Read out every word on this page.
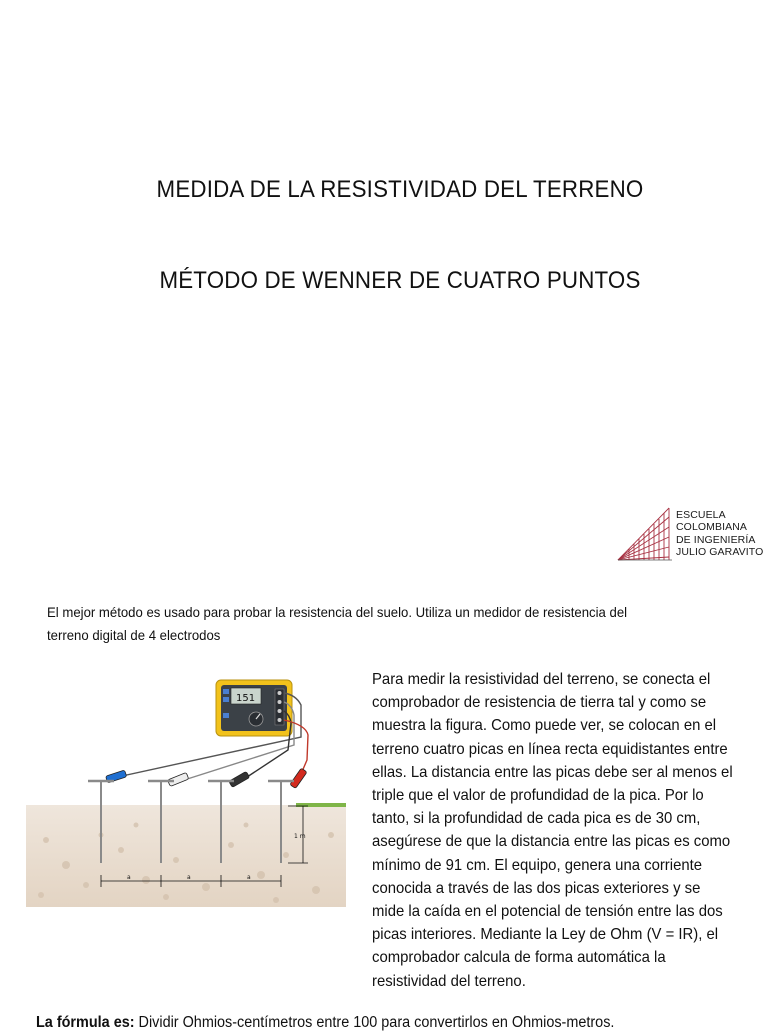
MEDIDA DE LA RESISTIVIDAD DEL TERRENO
MÉTODO DE WENNER DE CUATRO PUNTOS
ESCUELA
COLOMBIANA
DE INGENIERÍA
JULIO GARAVITO
El mejor método es usado para probar la resistencia del suelo. Utiliza un medidor de resistencia del terreno digital de 4 electrodos
151
1 m
a	a	a
Para medir la resistividad del terreno, se conecta el comprobador de resistencia de tierra tal y como se muestra la figura. Como puede ver, se colocan en el terreno cuatro picas en línea recta equidistantes entre ellas. La distancia entre las picas debe ser al menos el triple que el valor de profundidad de la pica. Por lo tanto, si la profundidad de cada pica es de 30 cm, asegúrese de que la distancia entre las picas es como mínimo de 91 cm. El equipo, genera una corriente conocida a través de las dos picas exteriores y se mide la caída en el potencial de tensión entre las dos picas interiores. Mediante la Ley de Ohm (V = IR), el comprobador calcula de forma automática la resistividad del terreno.
La fórmula es: Dividir Ohmios-centímetros entre 100 para convertirlos en Ohmios-metros.
